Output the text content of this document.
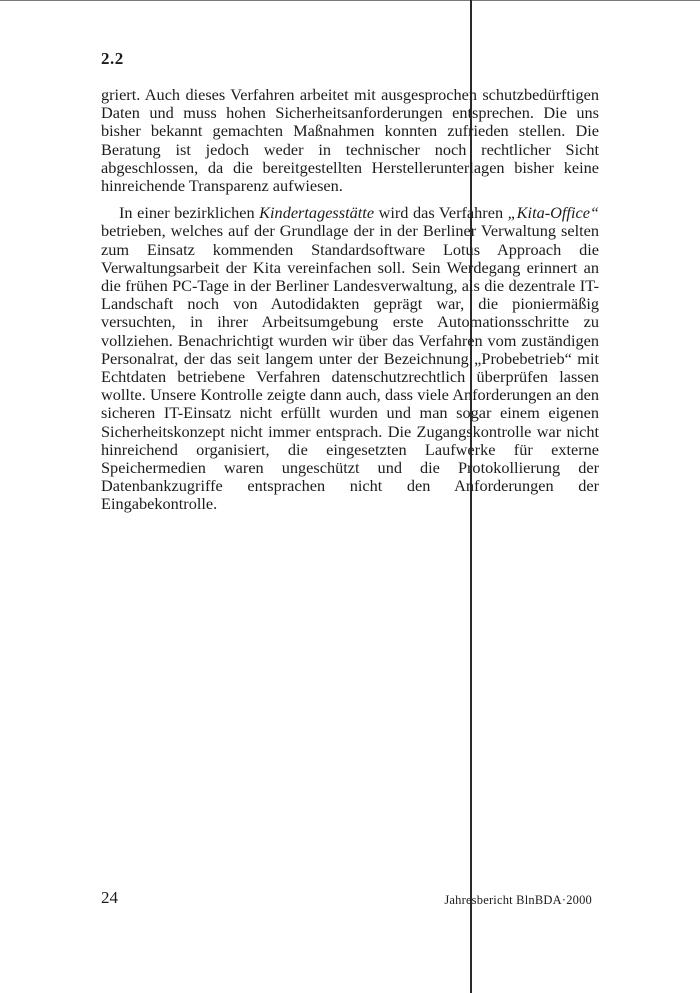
2.2

griert. Auch dieses Verfahren arbeitet mit ausgesprochen schutzbedürftigen Daten und muss hohen Sicherheitsanforderungen entsprechen. Die uns bisher bekannt gemachten Maßnahmen konnten zufrieden stellen. Die Beratung ist jedoch weder in technischer noch rechtlicher Sicht abgeschlossen, da die bereitgestellten Herstellerunterlagen bisher keine hinreichende Transparenz aufwiesen.

In einer bezirklichen Kindertagesstätte wird das Verfahren „Kita-Office“ betrieben, welches auf der Grundlage der in der Berliner Verwaltung selten zum Einsatz kommenden Standardsoftware Lotus Approach die Verwaltungsarbeit der Kita vereinfachen soll. Sein Werdegang erinnert an die frühen PC-Tage in der Berliner Landesverwaltung, als die dezentrale IT-Landschaft noch von Autodidakten geprägt war, die pioniermäßig versuchten, in ihrer Arbeitsumgebung erste Automationsschritte zu vollziehen. Benachrichtigt wurden wir über das Verfahren vom zuständigen Personalrat, der das seit langem unter der Bezeichnung „Probebetrieb“ mit Echtdaten betriebene Verfahren datenschutzrechtlich überprüfen lassen wollte. Unsere Kontrolle zeigte dann auch, dass viele Anforderungen an den sicheren IT-Einsatz nicht erfüllt wurden und man sogar einem eigenen Sicherheitskonzept nicht immer entsprach. Die Zugangskontrolle war nicht hinreichend organisiert, die eingesetzten Laufwerke für externe Speichermedien waren ungeschützt und die Protokollierung der Datenbankzugriffe entsprachen nicht den Anforderungen der Eingabekontrolle.

24	Jahresbericht BlnBDA·2000
